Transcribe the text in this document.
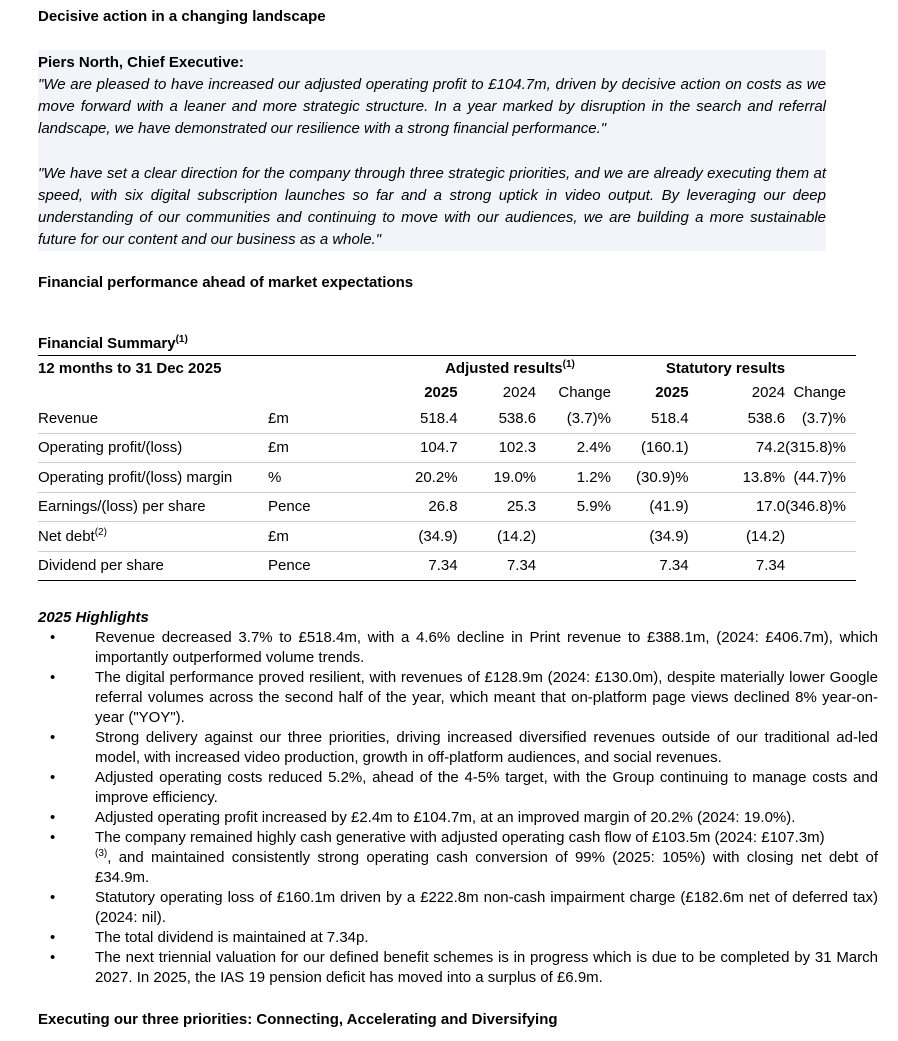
Decisive action in a changing landscape
Piers North, Chief Executive:

"We are pleased to have increased our adjusted operating profit to £104.7m, driven by decisive action on costs as we move forward with a leaner and more strategic structure. In a year marked by disruption in the search and referral landscape, we have demonstrated our resilience with a strong financial performance."

"We have set a clear direction for the company through three strategic priorities, and we are already executing them at speed, with six digital subscription launches so far and a strong uptick in video output. By leveraging our deep understanding of our communities and continuing to move with our audiences, we are building a more sustainable future for our content and our business as a whole."

Financial performance ahead of market expectations
Financial Summary$^{(1)}$
12 months to 31 Dec 2025			Adjusted results$^{(1)}$			Statutory results		
			2025	2024	Change	2025	2024	Change
Revenue	£m		518.4	538.6	(3.7)%	518.4	538.6	(3.7)%
Operating profit/(loss)	£m		104.7	102.3	2.4%	(160.1)	74.2	(315.8)%
Operating profit/(loss) margin	%		20.2%	19.0%	1.2%	(30.9)%	13.8%	(44.7)%
Earnings/(loss) per share	Pence		26.8	25.3	5.9%	(41.9)	17.0	(346.8)%
Net debt$^{(2)}$	£m		(34.9)	(14.2)		(34.9)	(14.2)	
Dividend per share	Pence		7.34	7.34		7.34	7.34	
2025 Highlights
•	Revenue decreased 3.7% to £518.4m, with a 4.6% decline in Print revenue to £388.1m, (2024: £406.7m), which importantly outperformed volume trends.
•	The digital performance proved resilient, with revenues of £128.9m (2024: £130.0m), despite materially lower Google referral volumes across the second half of the year, which meant that on-platform page views declined 8% year-on-year ("YOY").
•	Strong delivery against our three priorities, driving increased diversified revenues outside of our traditional ad-led model, with increased video production, growth in off-platform audiences, and social revenues.
•	Adjusted operating costs reduced 5.2%, ahead of the 4-5% target, with the Group continuing to manage costs and improve efficiency.
•	Adjusted operating profit increased by £2.4m to £104.7m, at an improved margin of 20.2% (2024: 19.0%).
•	The company remained highly cash generative with adjusted operating cash flow of £103.5m (2024: £107.3m)
$^{(3)}$, and maintained consistently strong operating cash conversion of 99% (2025: 105%) with closing net debt of £34.9m.
•	Statutory operating loss of £160.1m driven by a £222.8m non-cash impairment charge (£182.6m net of deferred tax) (2024: nil).
•	The total dividend is maintained at 7.34p.
•	The next triennial valuation for our defined benefit schemes is in progress which is due to be completed by 31 March 2027. In 2025, the IAS 19 pension deficit has moved into a surplus of £6.9m.
Executing our three priorities: Connecting, Accelerating and Diversifying
